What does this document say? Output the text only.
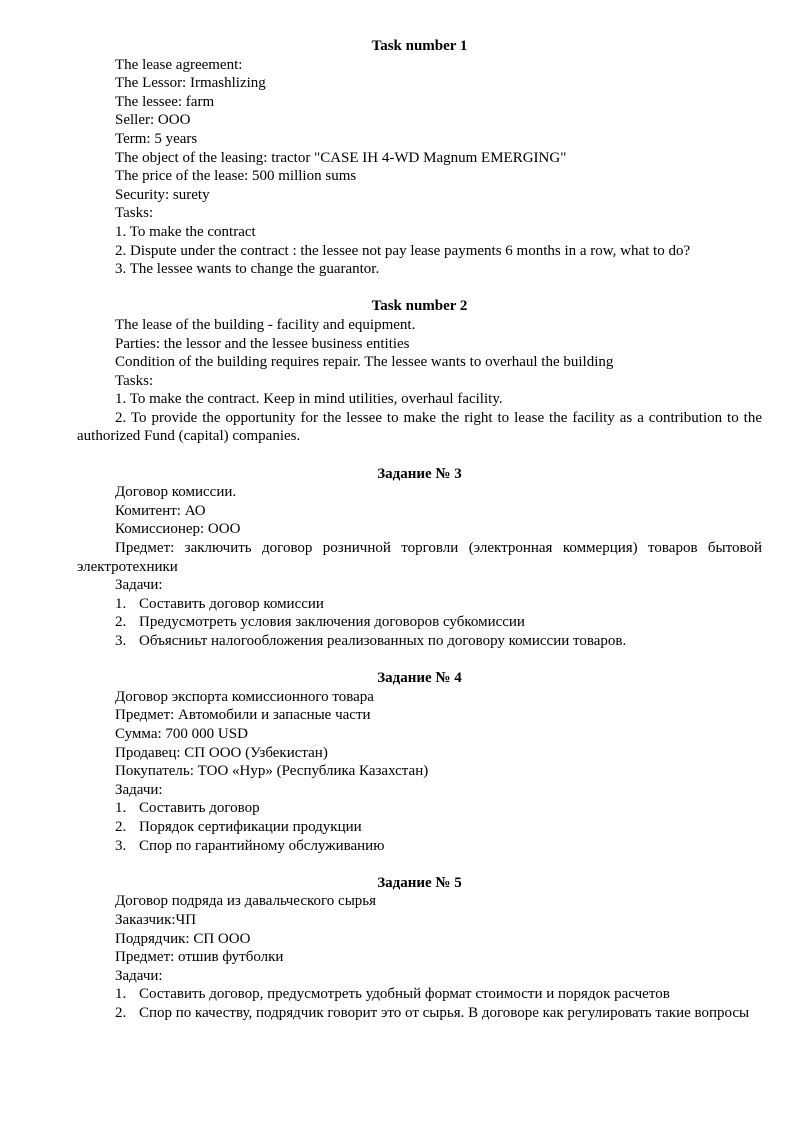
Task number 1

The lease agreement:

The Lessor: Irmashlizing

The lessee: farm

Seller: OOO

Term: 5 years

The object of the leasing: tractor "CASE IH 4-WD Magnum EMERGING"

The price of the lease: 500 million sums

Security: surety

Tasks:

1. To make the contract

2. Dispute under the contract : the lessee not pay lease payments 6 months in a row, what to do?

3. The lessee wants to change the guarantor.

Task number 2

The lease of the building - facility and equipment.

Parties: the lessor and the lessee business entities

Condition of the building requires repair. The lessee wants to overhaul the building

Tasks:

1. To make the contract. Keep in mind utilities, overhaul facility.

2. To provide the opportunity for the lessee to make the right to lease the facility as a contribution to the authorized Fund (capital) companies.

Задание № 3

Договор комиссии.

Комитент: АО

Комиссионер: ООО

Предмет: заключить договор розничной торговли (электронная коммерция) товаров бытовой электротехники

Задачи:

1. Составить договор комиссии
2. Предусмотреть условия заключения договоров субкомиссии
3. Объясниьт налогообложения реализованных по договору комиссии товаров.

Задание № 4

Договор экспорта комиссионного товара

Предмет: Автомобили и запасные части

Сумма: 700 000 USD

Продавец: СП ООО (Узбекистан)

Покупатель: ТОО «Нур» (Республика Казахстан)

Задачи:

1. Составить договор
2. Порядок сертификации продукции
3. Спор по гарантийному обслуживанию

Задание № 5

Договор подряда из давальческого сырья

Заказчик:ЧП

Подрядчик: СП ООО

Предмет: отшив футболки

Задачи:

1. Составить договор, предусмотреть удобный формат стоимости и порядок расчетов
2. Спор по качеству, подрядчик говорит это от сырья. В договоре как регулировать такие вопросы
